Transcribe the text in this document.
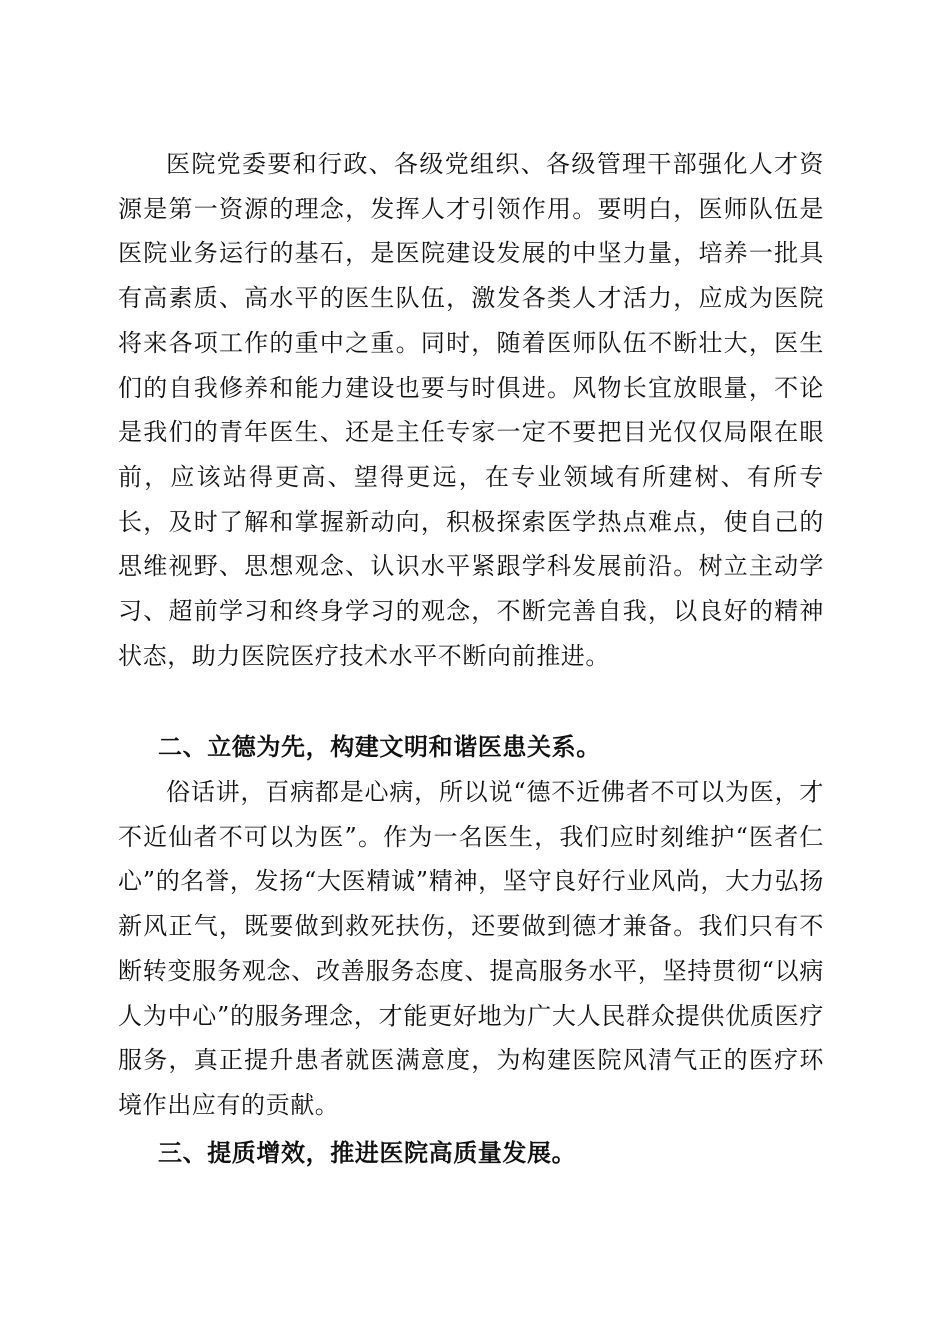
医院党委要和行政、各级党组织、各级管理干部强化人才资源是第一资源的理念，发挥人才引领作用。要明白，医师队伍是医院业务运行的基石，是医院建设发展的中坚力量，培养一批具有高素质、高水平的医生队伍，激发各类人才活力，应成为医院将来各项工作的重中之重。同时，随着医师队伍不断壮大，医生们的自我修养和能力建设也要与时俱进。风物长宜放眼量，不论是我们的青年医生、还是主任专家一定不要把目光仅仅局限在眼前，应该站得更高、望得更远，在专业领域有所建树、有所专长，及时了解和掌握新动向，积极探索医学热点难点，使自己的思维视野、思想观念、认识水平紧跟学科发展前沿。树立主动学习、超前学习和终身学习的观念，不断完善自我，以良好的精神状态，助力医院医疗技术水平不断向前推进。

二、立德为先，构建文明和谐医患关系。

俗话讲，百病都是心病，所以说“德不近佛者不可以为医，才不近仙者不可以为医”。作为一名医生，我们应时刻维护“医者仁心”的名誉，发扬“大医精诚”精神，坚守良好行业风尚，大力弘扬新风正气，既要做到救死扶伤，还要做到德才兼备。我们只有不断转变服务观念、改善服务态度、提高服务水平，坚持贯彻“以病人为中心”的服务理念，才能更好地为广大人民群众提供优质医疗服务，真正提升患者就医满意度，为构建医院风清气正的医疗环境作出应有的贡献。

三、提质增效，推进医院高质量发展。
